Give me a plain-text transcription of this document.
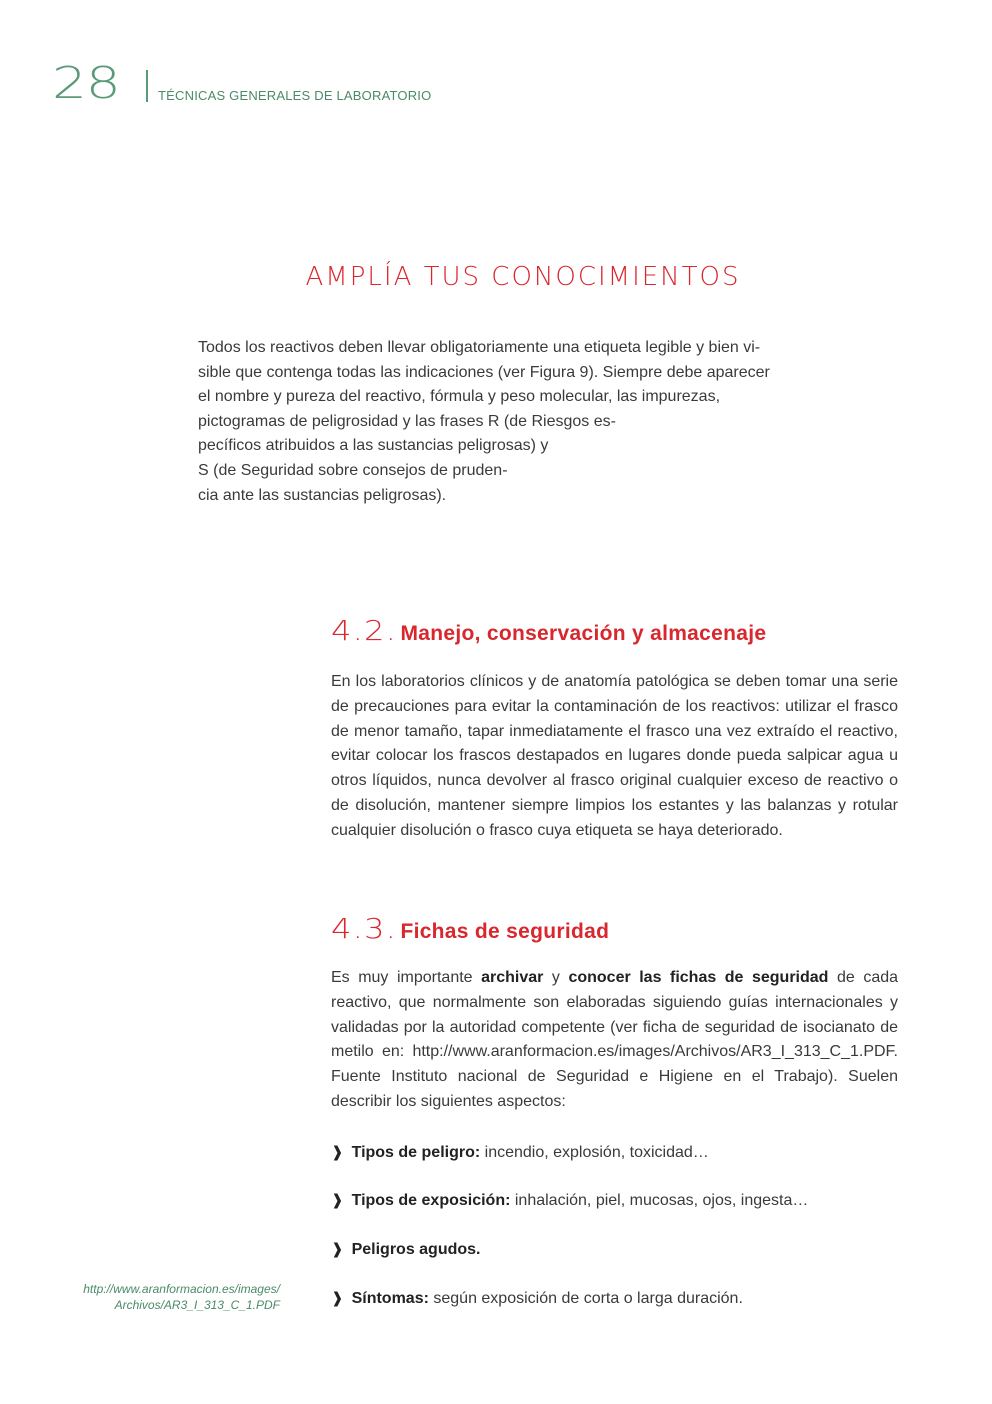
28	TÉCNICAS GENERALES DE LABORATORIO
AMPLÍA TUS CONOCIMIENTOS

Todos los reactivos deben llevar obligatoriamente una etiqueta legible y bien vi-

sible que contenga todas las indicaciones (ver Figura 9). Siempre debe aparecer

el nombre y pureza del reactivo, fórmula y peso molecular, las impurezas,

pictogramas de peligrosidad y las frases R (de Riesgos es-

pecíficos atribuidos a las sustancias peligrosas) y

S (de Seguridad sobre consejos de pruden-

cia ante las sustancias peligrosas).

4.2. Manejo, conservación y almacenaje

En los laboratorios clínicos y de anatomía patológica se deben tomar una serie de precauciones para evitar la contaminación de los reactivos: utilizar el frasco de menor tamaño, tapar inmediatamente el frasco una vez extraído el reactivo, evitar colocar los frascos destapados en lugares donde pueda salpicar agua u otros líquidos, nunca devolver al frasco original cualquier exceso de reactivo o de disolución, mantener siempre limpios los estantes y las balanzas y rotular cualquier disolución o frasco cuya etiqueta se haya deteriorado.

4.3. Fichas de seguridad

Es muy importante archivar y conocer las fichas de seguridad de cada reactivo, que normalmente son elaboradas siguiendo guías internacionales y validadas por la autoridad competente (ver ficha de seguridad de isocianato de metilo en: http://www.aranformacion.es/images/Archivos/AR3_I_313_C_1.PDF. Fuente Instituto nacional de Seguridad e Higiene en el Trabajo). Suelen describir los siguientes aspectos:

❱ Tipos de peligro: incendio, explosión, toxicidad…
❱ Tipos de exposición: inhalación, piel, mucosas, ojos, ingesta…
❱ Peligros agudos.
❱ Síntomas: según exposición de corta o larga duración.
http://www.aranformacion.es/images/
Archivos/AR3_I_313_C_1.PDF
